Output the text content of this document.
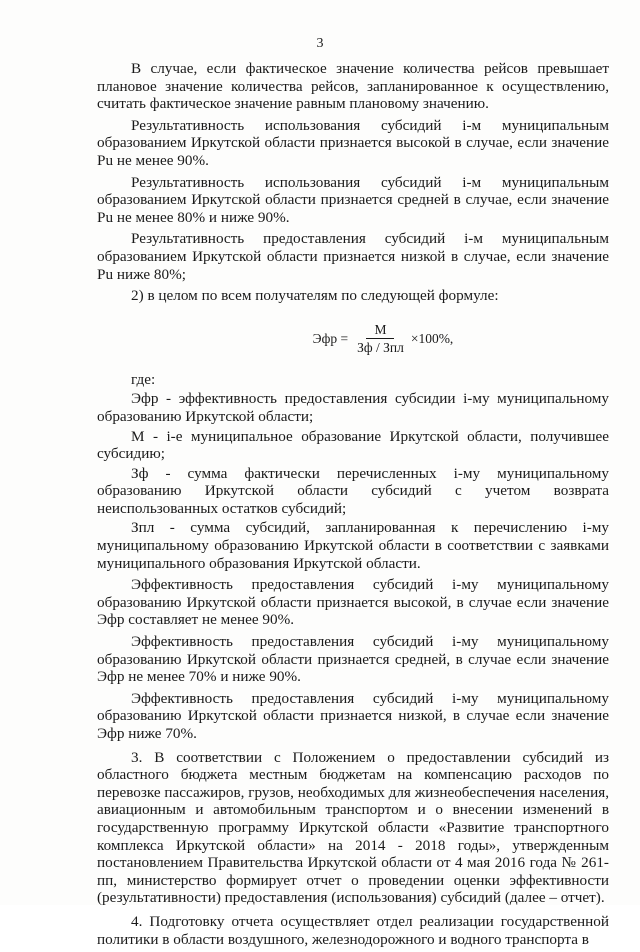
3

В случае, если фактическое значение количества рейсов превышает плановое значение количества рейсов, запланированное к осуществлению, считать фактическое значение равным плановому значению.

Результативность использования субсидий i-м муниципальным образованием Иркутской области признается высокой в случае, если значение Pu не менее 90%.

Результативность использования субсидий i-м муниципальным образованием Иркутской области признается средней в случае, если значение Pu не менее 80% и ниже 90%.

Результативность предоставления субсидий i-м муниципальным образованием Иркутской области признается низкой в случае, если значение Pu ниже 80%;

2) в целом по всем получателям по следующей формуле:

Эфр = $\frac{M}{\text{Зф / Зпл}} \times 100\%$,

где:

Эфр - эффективность предоставления субсидии i-му муниципальному образованию Иркутской области;

M - i-е муниципальное образование Иркутской области, получившее субсидию;

Зф - сумма фактически перечисленных i-му муниципальному образованию Иркутской области субсидий с учетом возврата неиспользованных остатков субсидий;

Зпл - сумма субсидий, запланированная к перечислению i-му муниципальному образованию Иркутской области в соответствии с заявками муниципального образования Иркутской области.

Эффективность предоставления субсидий i-му муниципальному образованию Иркутской области признается высокой, в случае если значение Эфр составляет не менее 90%.

Эффективность предоставления субсидий i-му муниципальному образованию Иркутской области признается средней, в случае если значение Эфр не менее 70% и ниже 90%.

Эффективность предоставления субсидий i-му муниципальному образованию Иркутской области признается низкой, в случае если значение Эфр ниже 70%.

3. В соответствии с Положением о предоставлении субсидий из областного бюджета местным бюджетам на компенсацию расходов по перевозке пассажиров, грузов, необходимых для жизнеобеспечения населения, авиационным и автомобильным транспортом и о внесении изменений в государственную программу Иркутской области «Развитие транспортного комплекса Иркутской области» на 2014 - 2018 годы», утвержденным постановлением Правительства Иркутской области от 4 мая 2016 года № 261-пп, министерство формирует отчет о проведении оценки эффективности (результативности) предоставления (использования) субсидий (далее – отчет).

4. Подготовку отчета осуществляет отдел реализации государственной политики в области воздушного, железнодорожного и водного транспорта в
